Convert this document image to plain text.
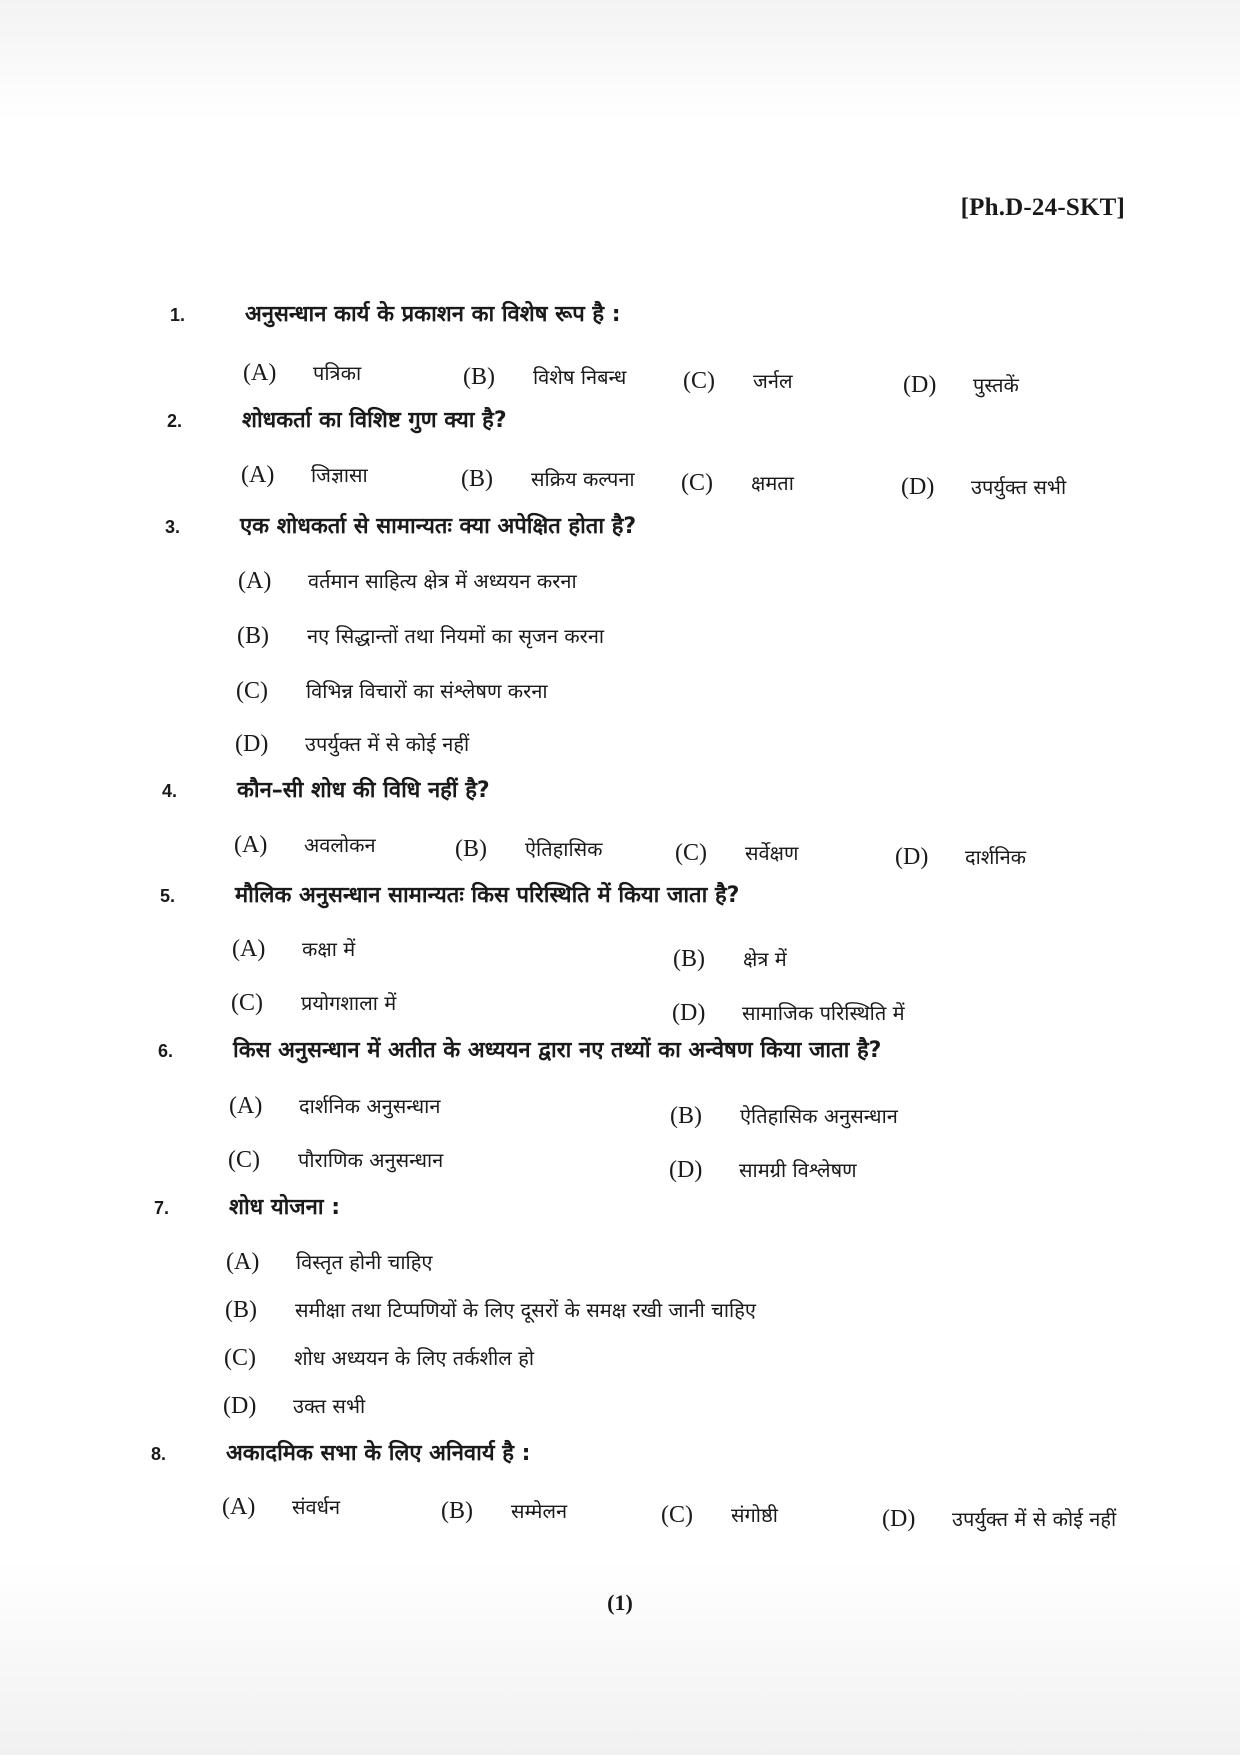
[Ph.D-24-SKT]
1.	अनुसन्धान कार्य के प्रकाशन का विशेष रूप है :
(A) पत्रिका	(B) विशेष निबन्ध (C) जर्नल	(D) पुस्तकें
2.	शोधकर्ता का विशिष्ट गुण क्या है?
(A) जिज्ञासा	(B) सक्रिय कल्पना (C) क्षमता	(D) उपर्युक्त सभी
3.	एक शोधकर्ता से सामान्यतः क्या अपेक्षित होता है?
(A) वर्तमान साहित्य क्षेत्र में अध्ययन करना
(B) नए सिद्धान्तों तथा नियमों का सृजन करना
(C) विभिन्न विचारों का संश्लेषण करना
(D) उपर्युक्त में से कोई नहीं
4.	कौन–सी शोध की विधि नहीं है?
(A) अवलोकन	(B) ऐतिहासिक	(C) सर्वेक्षण	(D) दार्शनिक
5.	मौलिक अनुसन्धान सामान्यतः किस परिस्थिति में किया जाता है?
(A) कक्षा में	(B) क्षेत्र में
(C) प्रयोगशाला में	(D) सामाजिक परिस्थिति में
6.	किस अनुसन्धान में अतीत के अध्ययन द्वारा नए तथ्यों का अन्वेषण किया जाता है?
(A) दार्शनिक अनुसन्धान	(B) ऐतिहासिक अनुसन्धान
(C) पौराणिक अनुसन्धान	(D) सामग्री विश्लेषण
7.	शोध योजना :
(A) विस्तृत होनी चाहिए
(B) समीक्षा तथा टिप्पणियों के लिए दूसरों के समक्ष रखी जानी चाहिए
(C) शोध अध्ययन के लिए तर्कशील हो
(D) उक्त सभी
8.	अकादमिक सभा के लिए अनिवार्य है :
(A) संवर्धन	(B) सम्मेलन	(C) संगोष्ठी	(D) उपर्युक्त में से कोई नहीं
(1)
